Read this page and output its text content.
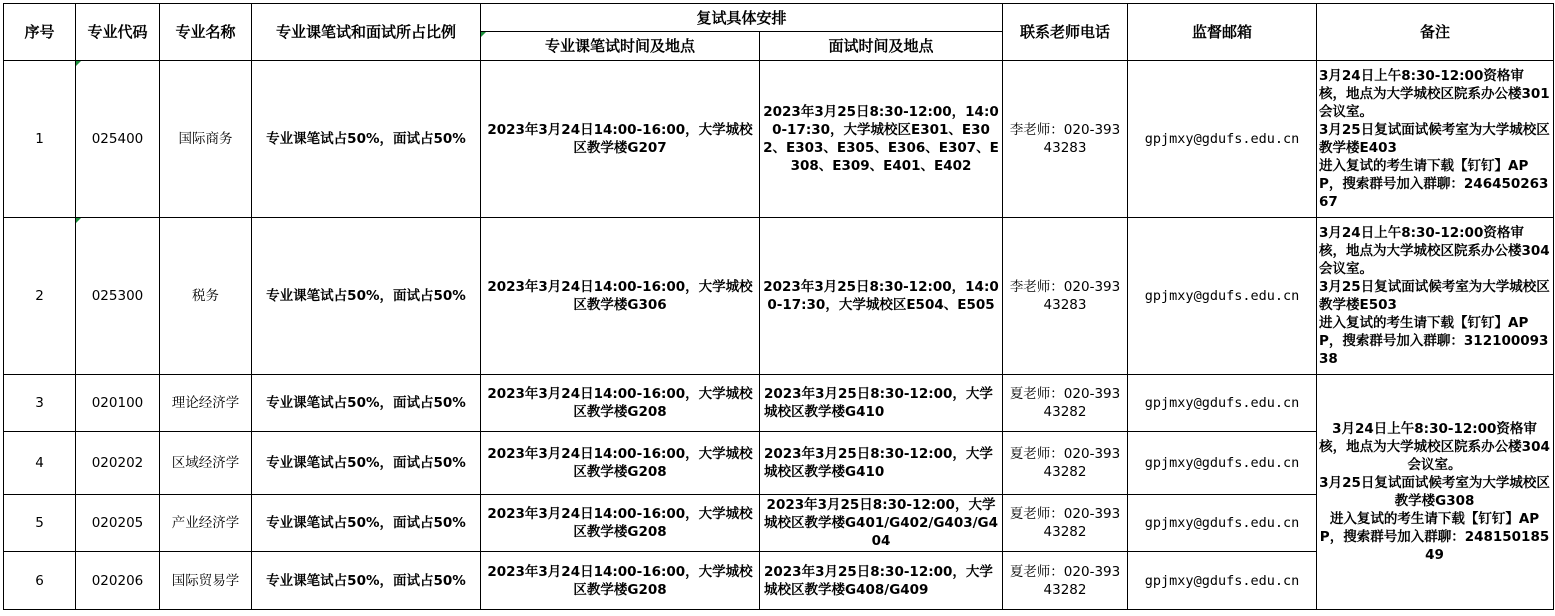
序号	专业代码	专业名称	专业课笔试和面试所占比例	复试具体安排		联系老师电话	监督邮箱	备注
				专业课笔试时间及地点	面试时间及地点			
1	025400	国际商务	专业课笔试占50%，面试占50%	2023年3月24日14:00-16:00，大学城校区教学楼G207	2023年3月25日8:30-12:00，14:00-17:30，大学城校区E301、E302、E303、E305、E306、E307、E308、E309、E401、E402	李老师：020-39343283	gpjmxy@gdufs.edu.cn	3月24日上午8:30-12:00资格审核，地点为大学城校区院系办公楼301会议室。
3月25日复试面试候考室为大学城校区教学楼E403
进入复试的考生请下载【钉钉】APP，搜索群号加入群聊：24645026367

2	025300	税务	专业课笔试占50%，面试占50%	2023年3月24日14:00-16:00，大学城校区教学楼G306	2023年3月25日8:30-12:00，14:00-17:30，大学城校区E504、E505	李老师：020-39343283	gpjmxy@gdufs.edu.cn	3月24日上午8:30-12:00资格审核，地点为大学城校区院系办公楼304会议室。
3月25日复试面试候考室为大学城校区教学楼E503
进入复试的考生请下载【钉钉】APP，搜索群号加入群聊：31210009338

3	020100	理论经济学	专业课笔试占50%，面试占50%	2023年3月24日14:00-16:00，大学城校区教学楼G208	2023年3月25日8:30-12:00，大学城校区教学楼G410	夏老师：020-39343282	gpjmxy@gdufs.edu.cn	3月24日上午8:30-12:00资格审核，地点为大学城校区院系办公楼304会议室。
3月25日复试面试候考室为大学城校区教学楼G308
进入复试的考生请下载【钉钉】APP，搜索群号加入群聊：24815018549

4	020202	区域经济学	专业课笔试占50%，面试占50%	2023年3月24日14:00-16:00，大学城校区教学楼G208	2023年3月25日8:30-12:00，大学城校区教学楼G410	夏老师：020-39343282	gpjmxy@gdufs.edu.cn	
5	020205	产业经济学	专业课笔试占50%，面试占50%	2023年3月24日14:00-16:00，大学城校区教学楼G208	2023年3月25日8:30-12:00，大学城校区教学楼G401/G402/G403/G404	夏老师：020-39343282	gpjmxy@gdufs.edu.cn	
6	020206	国际贸易学	专业课笔试占50%，面试占50%	2023年3月24日14:00-16:00，大学城校区教学楼G208	2023年3月25日8:30-12:00，大学城校区教学楼G408/G409	夏老师：020-39343282	gpjmxy@gdufs.edu.cn	
